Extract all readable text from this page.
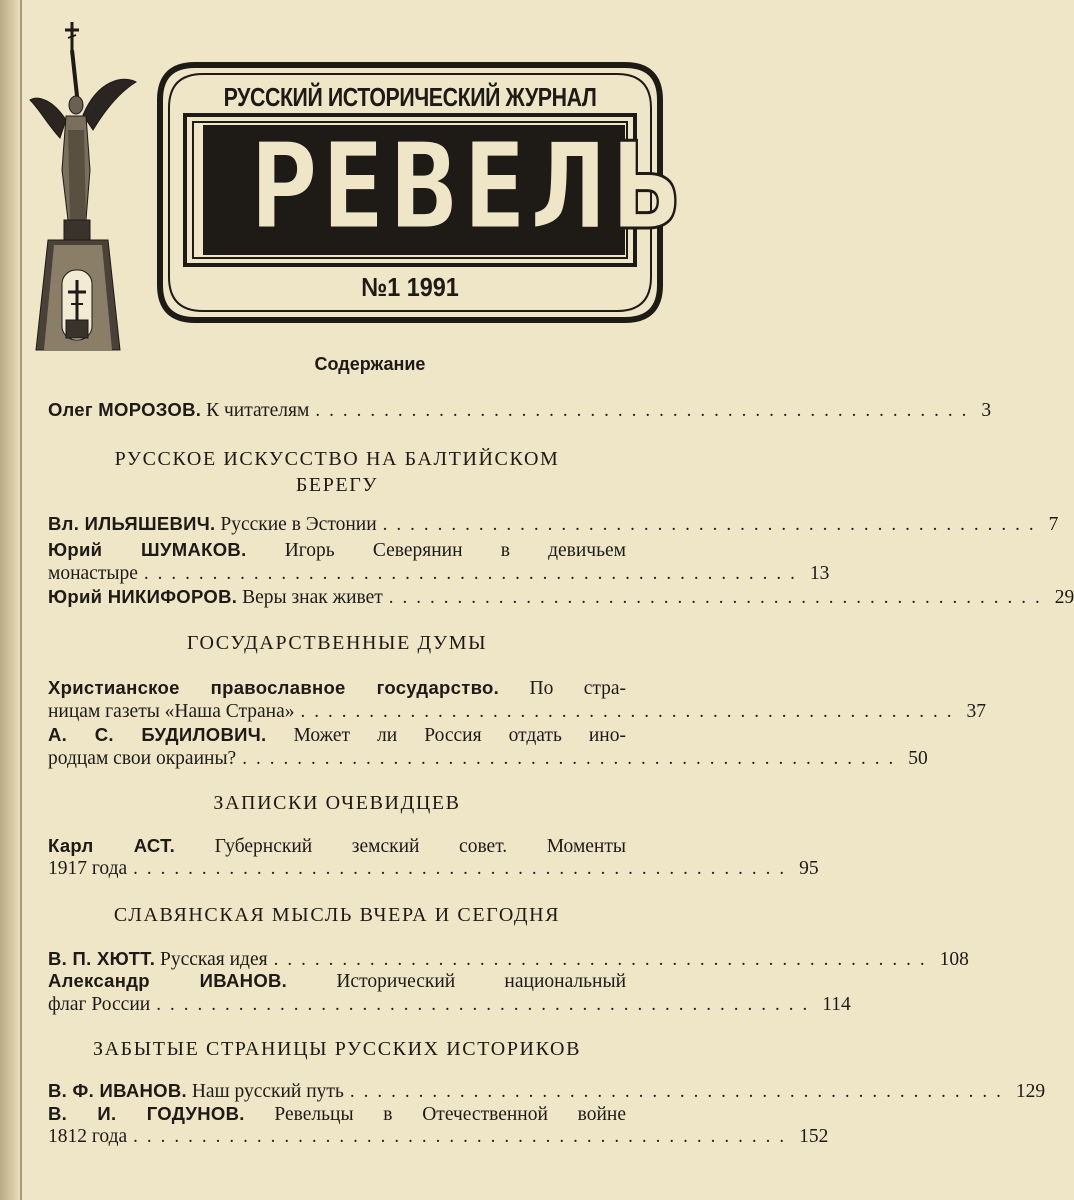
РУССКИЙ ИСТОРИЧЕСКИЙ ЖУРНАЛ
РЕВЕЛЬ
№1 1991
Содержание
Олег МОРОЗОВ. К читателям ................................................ 3
Вл. ИЛЬЯШЕВИЧ. Русские в Эстонии ................................................ 7
Юрий ШУМАКОВ. Игорь Северянин в девичьем
монастыре ................................................ 13
Юрий НИКИФОРОВ. Веры знак живет ................................................ 29
Христианское православное государство. По стра-
ницам газеты «Наша Страна» ................................................ 37
А. С. БУДИЛОВИЧ. Может ли Россия отдать ино-
родцам свои окраины? ................................................ 50
Карл АСТ. Губернский земский совет. Моменты
1917 года ................................................ 95
В. П. ХЮТТ. Русская идея ................................................ 108
Александр ИВАНОВ.	Исторический национальный
флаг России ................................................ 114
В. Ф. ИВАНОВ. Наш русский путь ................................................ 129
В. И. ГОДУНОВ. Ревельцы в Отечественной войне
1812 года ................................................ 152
РУССКОЕ ИСКУССТВО НА БАЛТИЙСКОМ
БЕРЕГУ
ГОСУДАРСТВЕННЫЕ ДУМЫ
ЗАПИСКИ ОЧЕВИДЦЕВ
СЛАВЯНСКАЯ МЫСЛЬ ВЧЕРА И СЕГОДНЯ
ЗАБЫТЫЕ СТРАНИЦЫ РУССКИХ ИСТОРИКОВ
